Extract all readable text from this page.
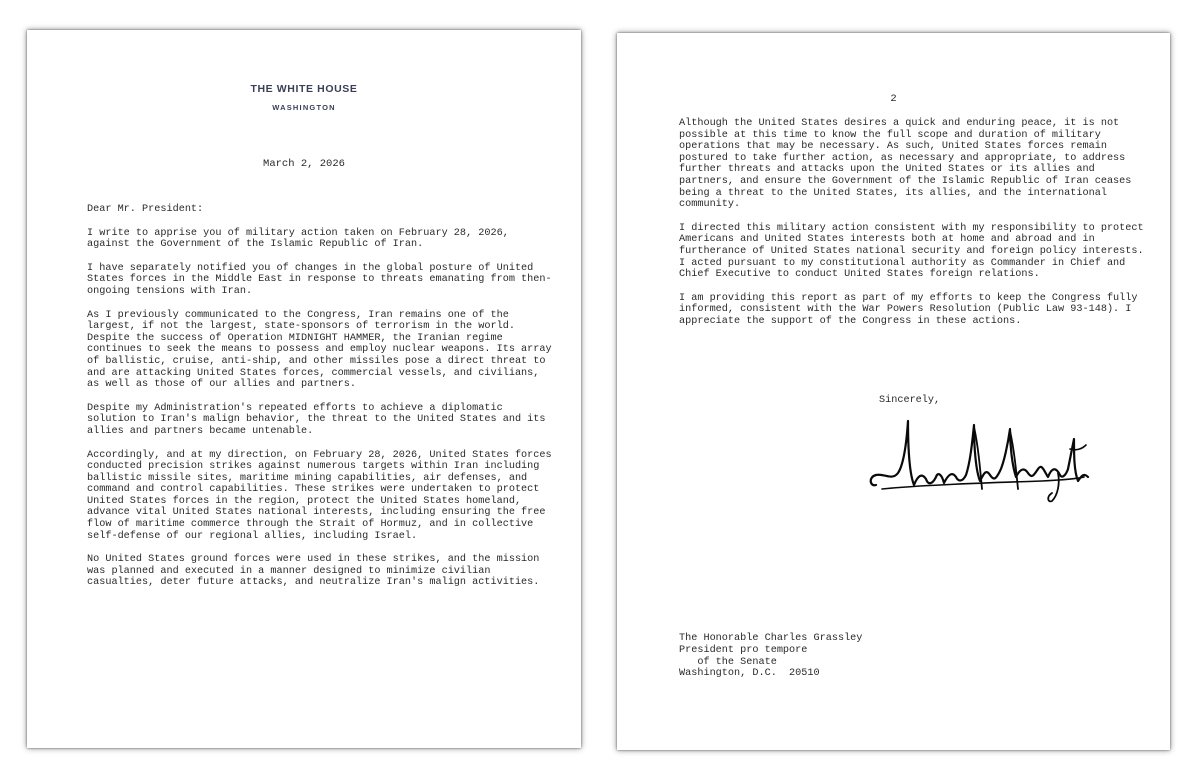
THE WHITE HOUSE
WASHINGTON
March 2, 2026

Dear Mr. President:

I write to apprise you of military action taken on February 28, 2026, against the Government of the Islamic Republic of Iran.

I have separately notified you of changes in the global posture of United States forces in the Middle East in response to threats emanating from then-ongoing tensions with Iran.

As I previously communicated to the Congress, Iran remains one of the largest, if not the largest, state-sponsors of terrorism in the world. Despite the success of Operation MIDNIGHT HAMMER, the Iranian regime continues to seek the means to possess and employ nuclear weapons. Its array of ballistic, cruise, anti-ship, and other missiles pose a direct threat to and are attacking United States forces, commercial vessels, and civilians, as well as those of our allies and partners.

Despite my Administration's repeated efforts to achieve a diplomatic solution to Iran's malign behavior, the threat to the United States and its allies and partners became untenable.

Accordingly, and at my direction, on February 28, 2026, United States forces conducted precision strikes against numerous targets within Iran including ballistic missile sites, maritime mining capabilities, air defenses, and command and control capabilities. These strikes were undertaken to protect United States forces in the region, protect the United States homeland, advance vital United States national interests, including ensuring the free flow of maritime commerce through the Strait of Hormuz, and in collective self-defense of our regional allies, including Israel.

No United States ground forces were used in these strikes, and the mission was planned and executed in a manner designed to minimize civilian casualties, deter future attacks, and neutralize Iran's malign activities.

2

Although the United States desires a quick and enduring peace, it is not possible at this time to know the full scope and duration of military operations that may be necessary. As such, United States forces remain postured to take further action, as necessary and appropriate, to address further threats and attacks upon the United States or its allies and partners, and ensure the Government of the Islamic Republic of Iran ceases being a threat to the United States, its allies, and the international community.

I directed this military action consistent with my responsibility to protect Americans and United States interests both at home and abroad and in furtherance of United States national security and foreign policy interests. I acted pursuant to my constitutional authority as Commander in Chief and Chief Executive to conduct United States foreign relations.

I am providing this report as part of my efforts to keep the Congress fully informed, consistent with the War Powers Resolution (Public Law 93-148). I appreciate the support of the Congress in these actions.

Sincerely,
The Honorable Charles Grassley
President pro tempore
of the Senate
Washington, D.C.  20510
